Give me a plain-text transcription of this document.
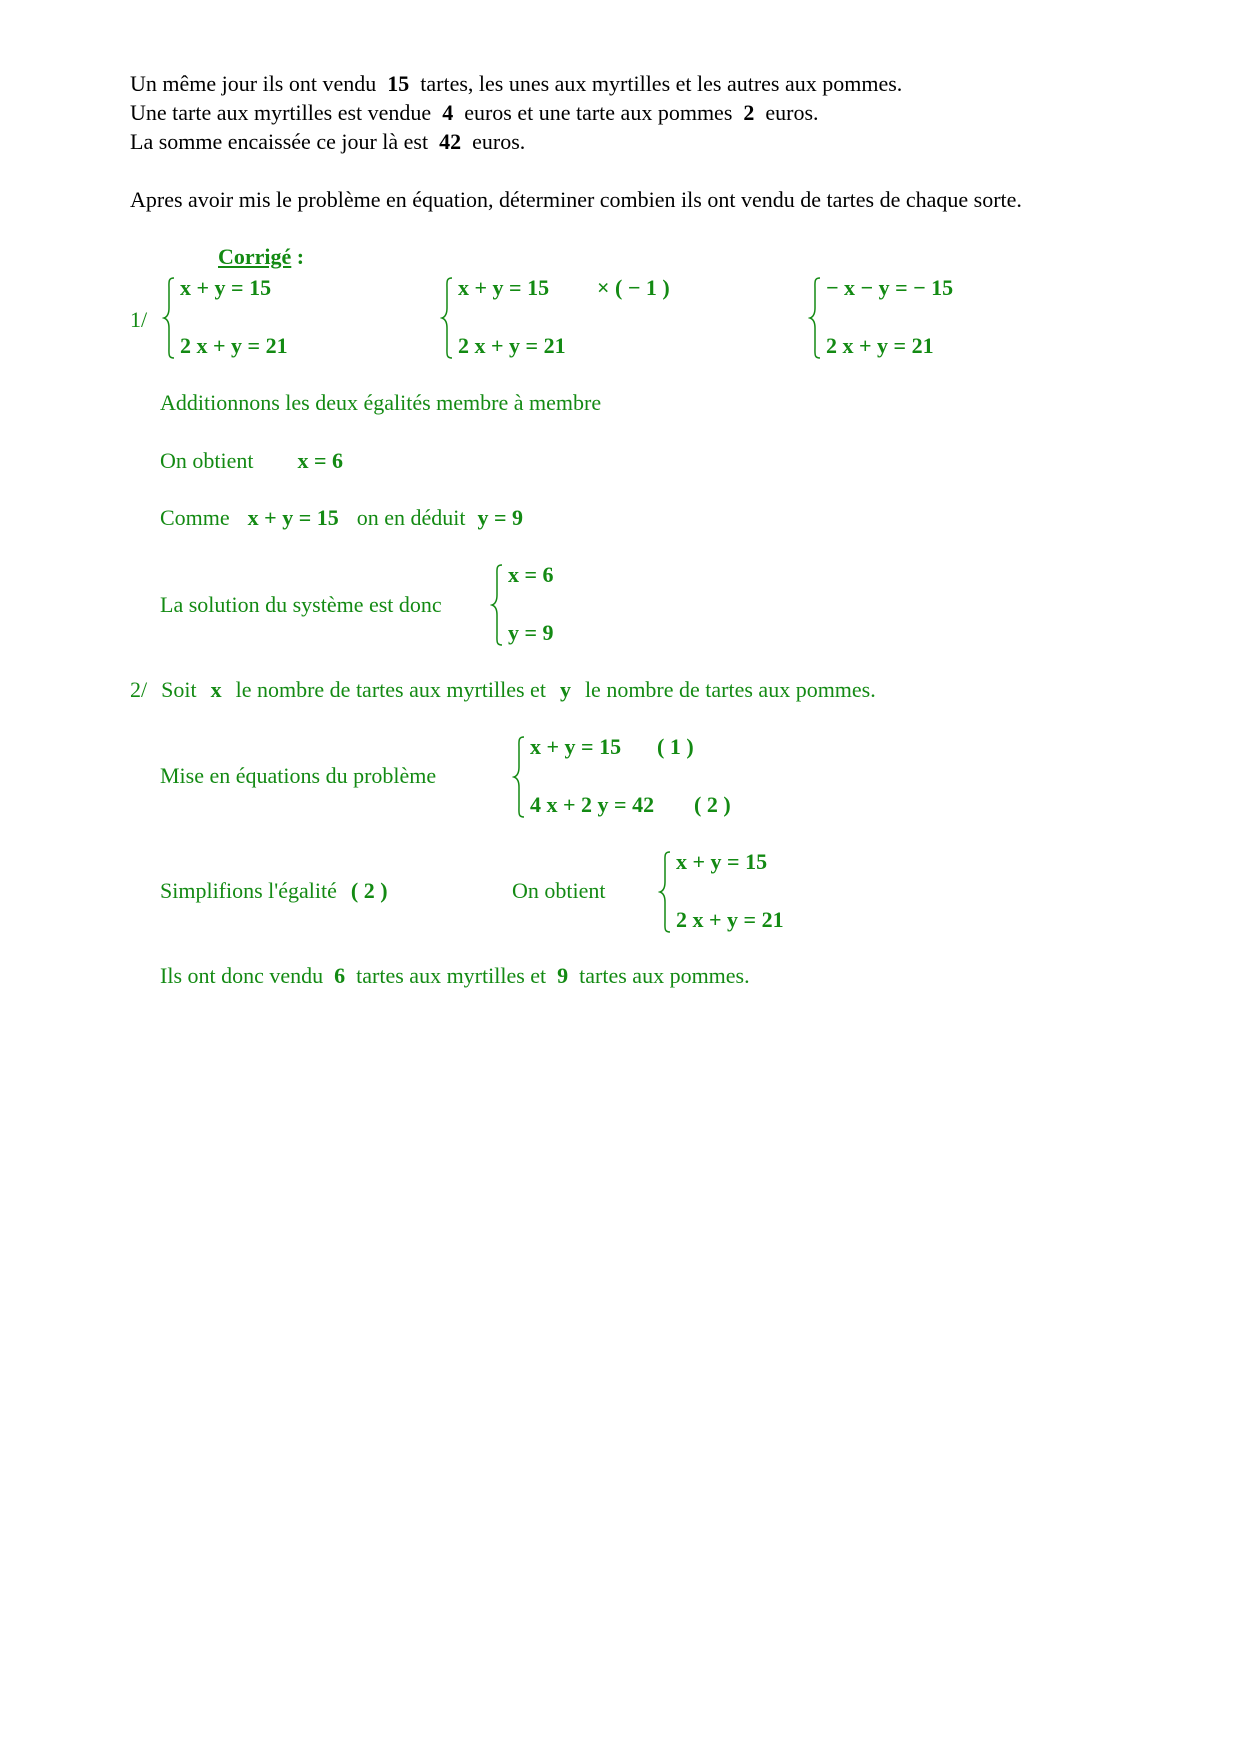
Un même jour ils ont vendu 15 tartes, les unes aux myrtilles et les autres aux pommes.
Une tarte aux myrtilles est vendue 4 euros et une tarte aux pommes 2 euros.
La somme encaissée ce jour là est 42 euros.
Apres avoir mis le problème en équation, déterminer combien ils ont vendu de tartes de chaque sorte.
Corrigé :
1/
x + y = 15
2 x + y = 21
x + y = 15 × ( − 1 )
2 x + y = 21
− x − y = − 15
2 x + y = 21
Additionnons les deux égalités membre à membre
On obtient x = 6
Comme x + y = 15 on en déduit y = 9
La solution du système est donc
x = 6
y = 9
2/ Soit x le nombre de tartes aux myrtilles et y le nombre de tartes aux pommes.
Mise en équations du problème
x + y = 15 ( 1 )
4 x + 2 y = 42 ( 2 )
Simplifions l'égalité ( 2 )	On obtient
x + y = 15
2 x + y = 21
Ils ont donc vendu 6 tartes aux myrtilles et 9 tartes aux pommes.
